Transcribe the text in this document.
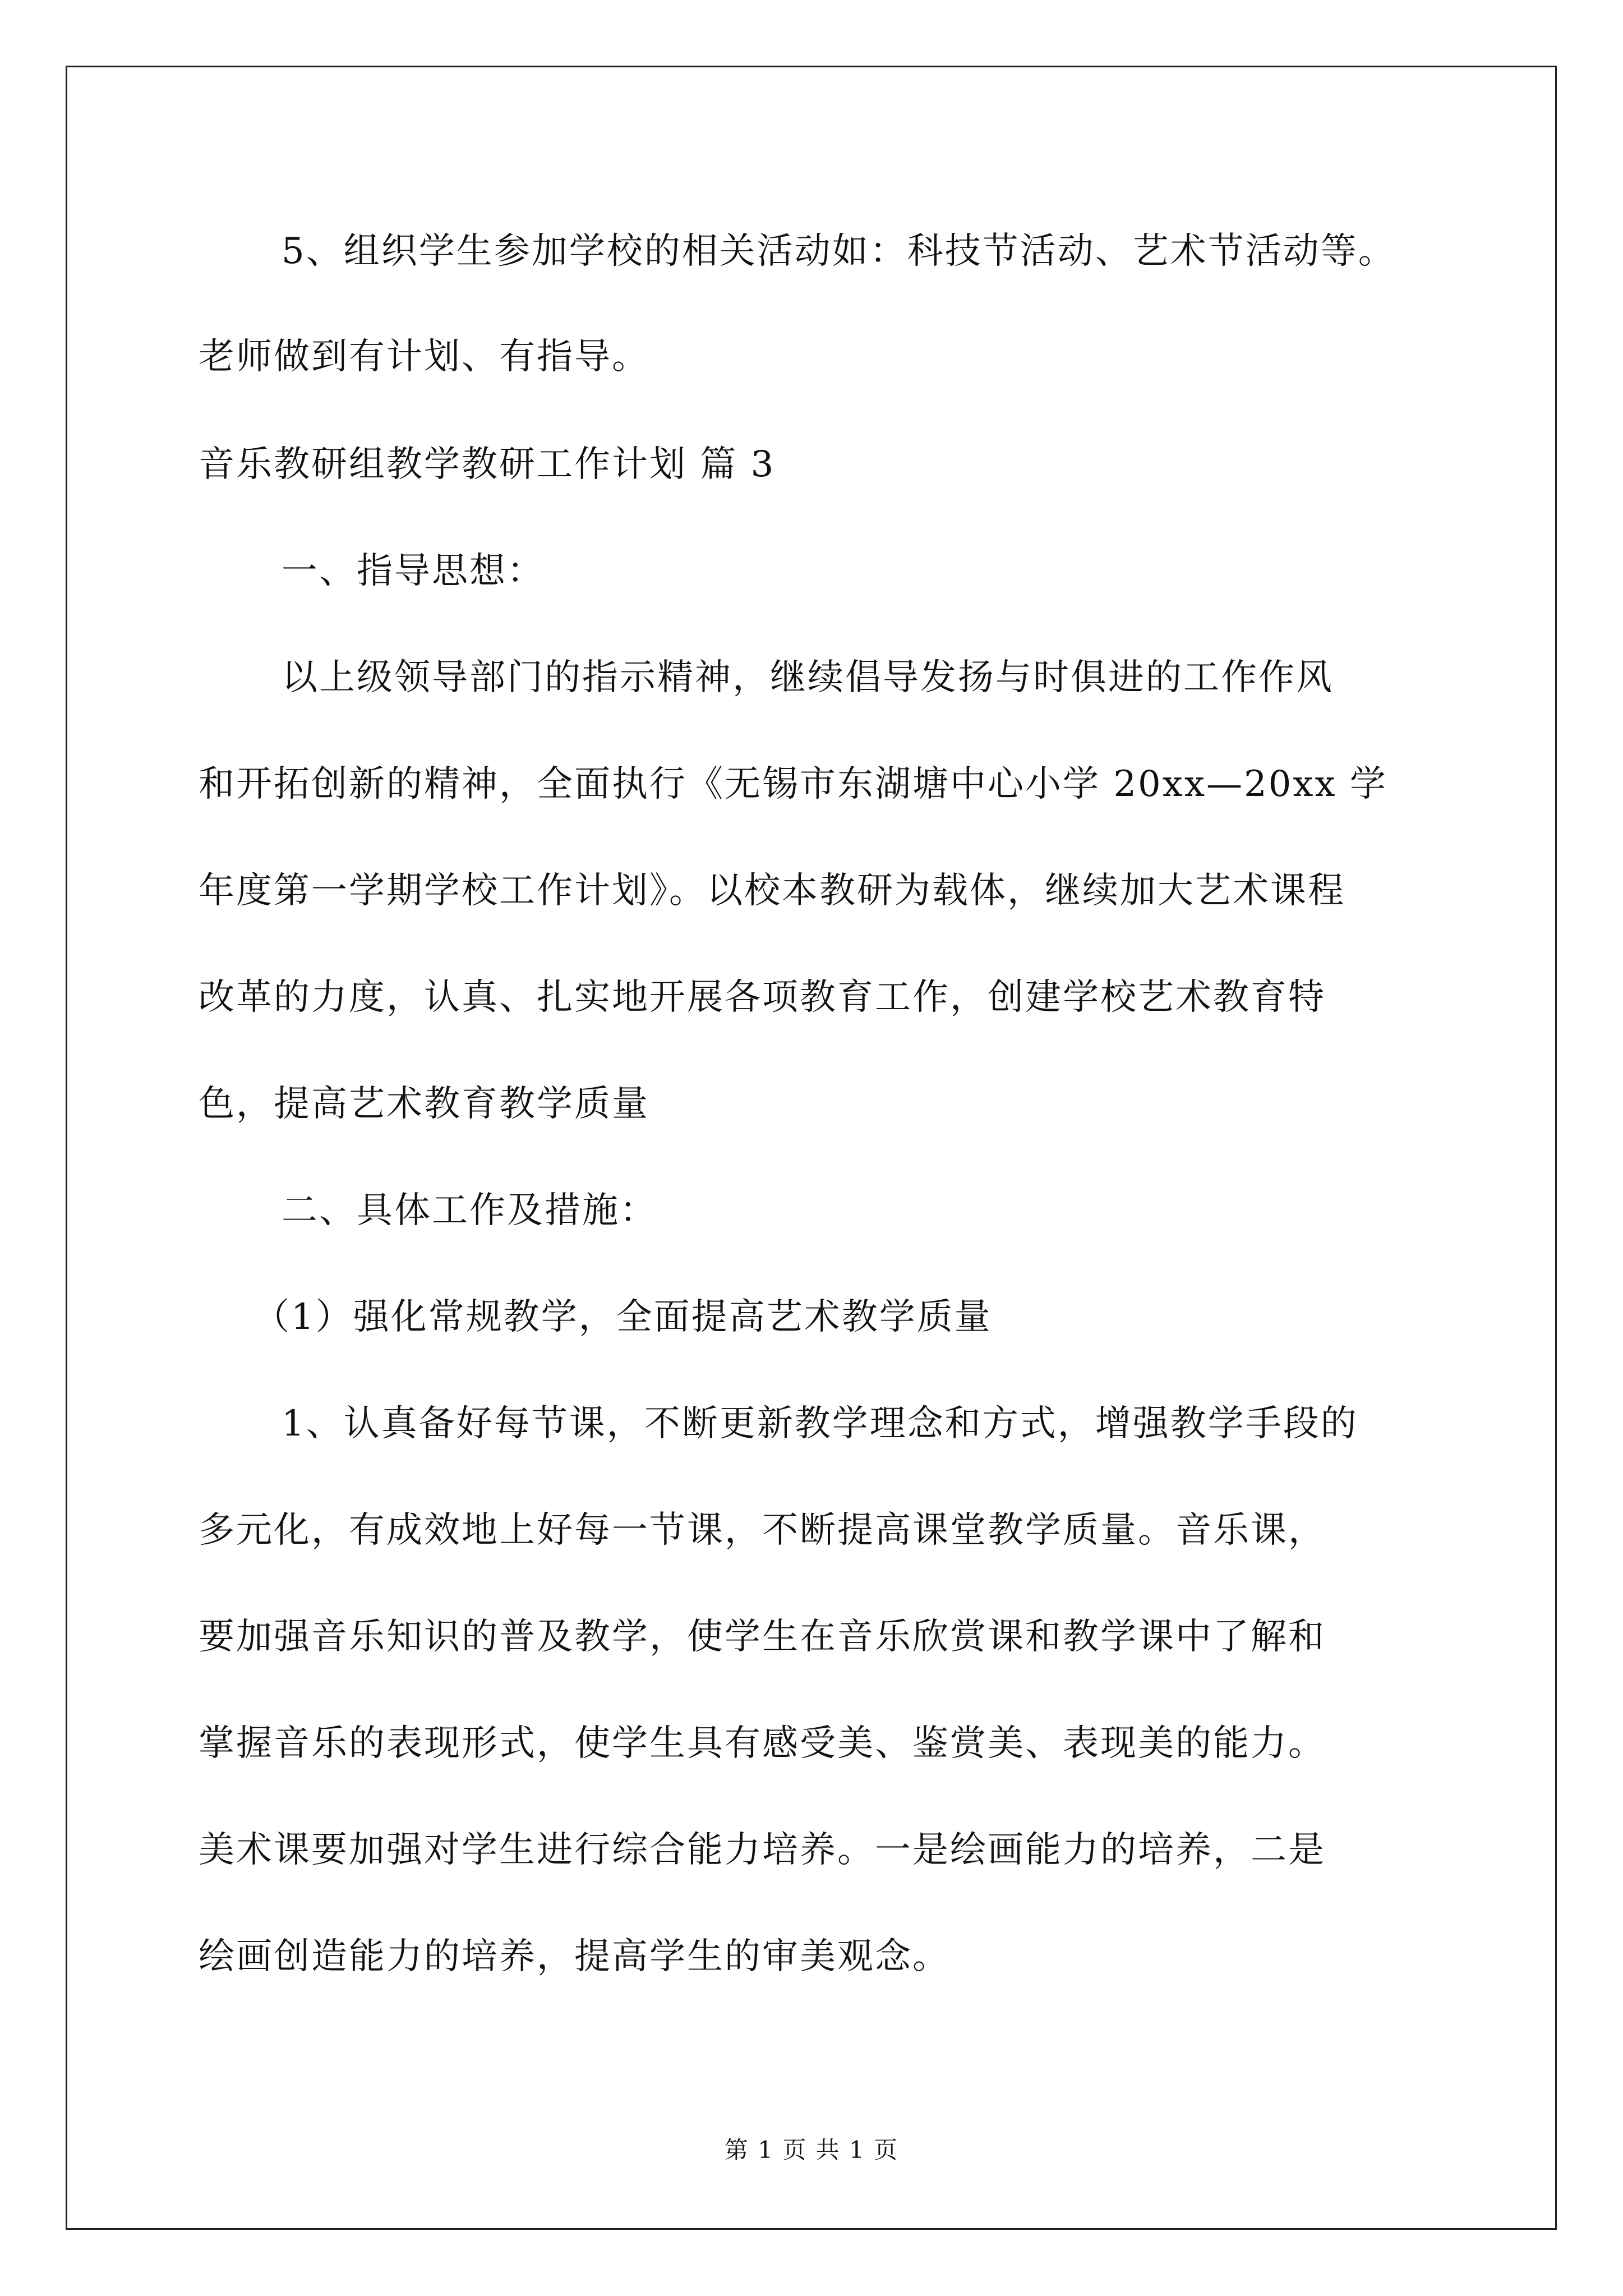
5、组织学生参加学校的相关活动如：科技节活动、艺术节活动等。
老师做到有计划、有指导。
音乐教研组教学教研工作计划 篇 3
一、指导思想：
以上级领导部门的指示精神，继续倡导发扬与时俱进的工作作风
和开拓创新的精神，全面执行《无锡市东湖塘中心小学 20xx—20xx 学
年度第一学期学校工作计划》。以校本教研为载体，继续加大艺术课程
改革的力度，认真、扎实地开展各项教育工作，创建学校艺术教育特
色，提高艺术教育教学质量
二、具体工作及措施：
（1）强化常规教学，全面提高艺术教学质量
1、认真备好每节课，不断更新教学理念和方式，增强教学手段的
多元化，有成效地上好每一节课，不断提高课堂教学质量。音乐课，
要加强音乐知识的普及教学，使学生在音乐欣赏课和教学课中了解和
掌握音乐的表现形式，使学生具有感受美、鉴赏美、表现美的能力。
美术课要加强对学生进行综合能力培养。一是绘画能力的培养，二是
绘画创造能力的培养，提高学生的审美观念。
第 1 页 共 1 页
